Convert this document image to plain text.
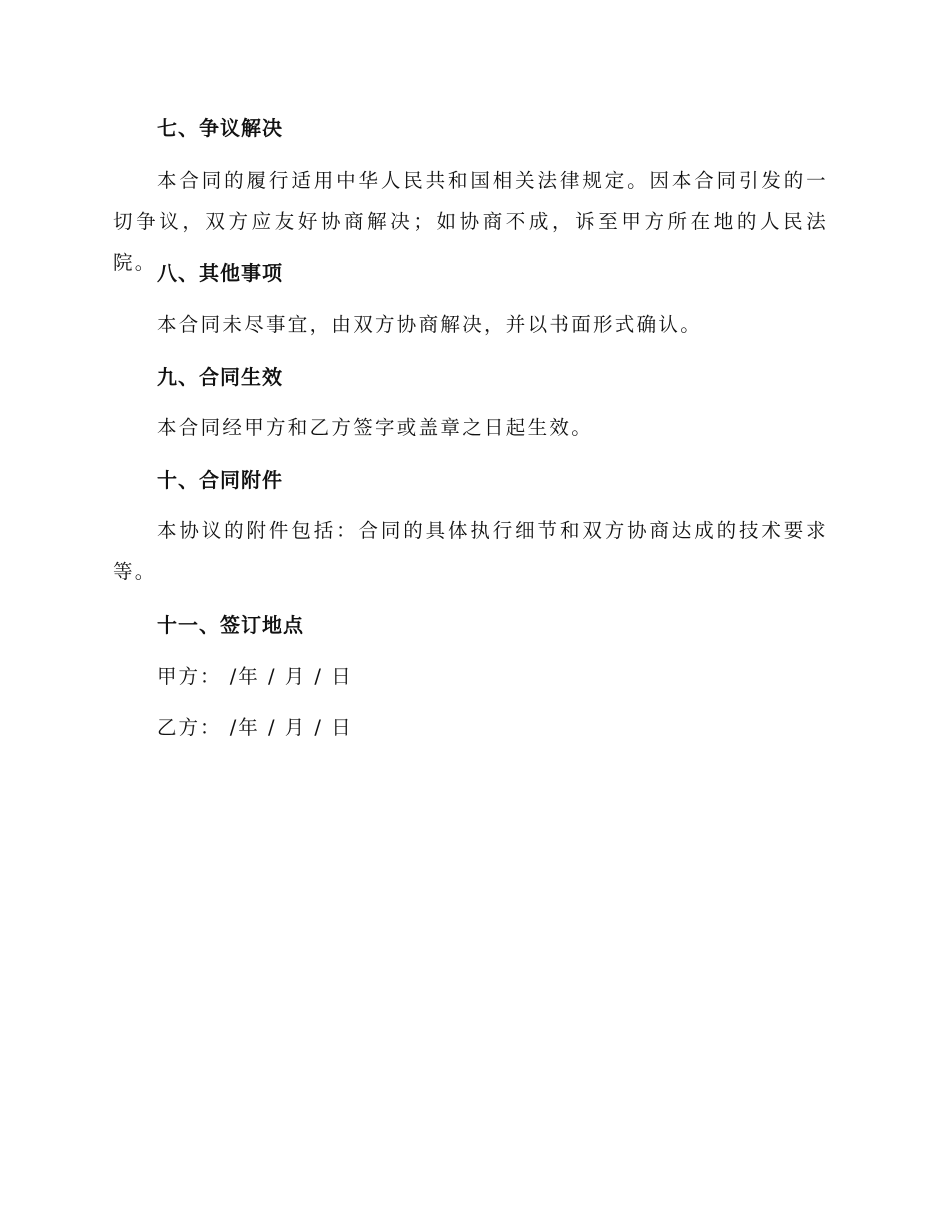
七、争议解决
本合同的履行适用中华人民共和国相关法律规定。因本合同引发的一切争议，双方应友好协商解决；如协商不成，诉至甲方所在地的人民法院。 八、其他事项
本合同未尽事宜，由双方协商解决，并以书面形式确认。
九、合同生效
本合同经甲方和乙方签字或盖章之日起生效。
十、合同附件
本协议的附件包括：合同的具体执行细节和双方协商达成的技术要求等。
十一、签订地点
甲方： /年 / 月 / 日
乙方： /年 / 月 / 日
